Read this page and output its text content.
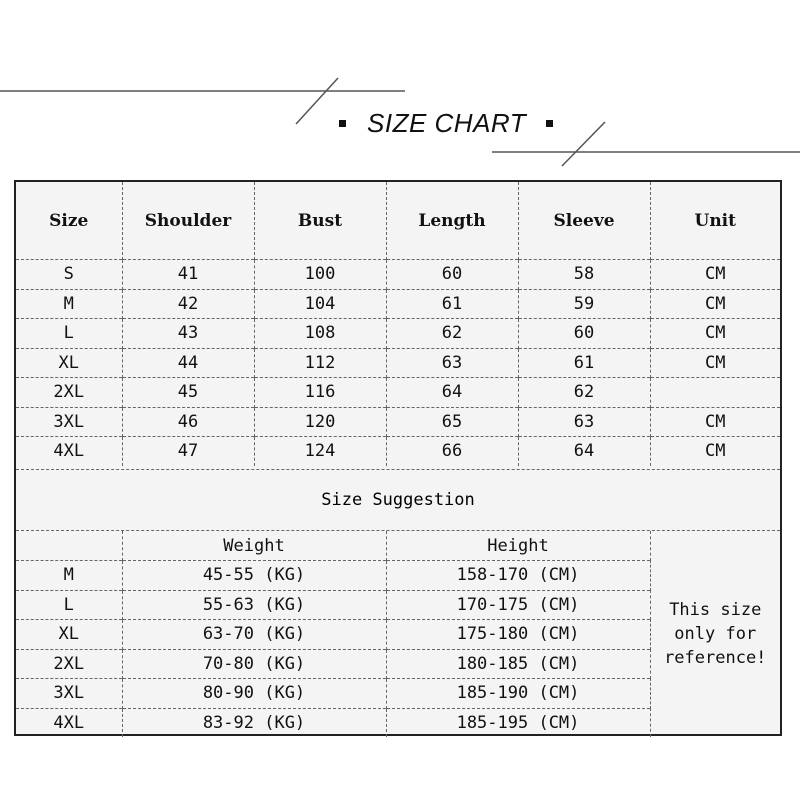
SIZE CHART
Size	Shoulder	Bust	Length	Sleeve	Unit
S	41	100	60	58	CM
M	42	104	61	59	CM
L	43	108	62	60	CM
XL	44	112	63	61	CM
2XL	45	116	64	62	
3XL	46	120	65	63	CM
4XL	47	124	66	64	CM
Size Suggestion
	Weight	Height	This size only for reference!
M	45-55 (KG)	158-170 (CM)	
L	55-63 (KG)	170-175 (CM)	
XL	63-70 (KG)	175-180 (CM)	
2XL	70-80 (KG)	180-185 (CM)	
3XL	80-90 (KG)	185-190 (CM)	
4XL	83-92 (KG)	185-195 (CM)	
